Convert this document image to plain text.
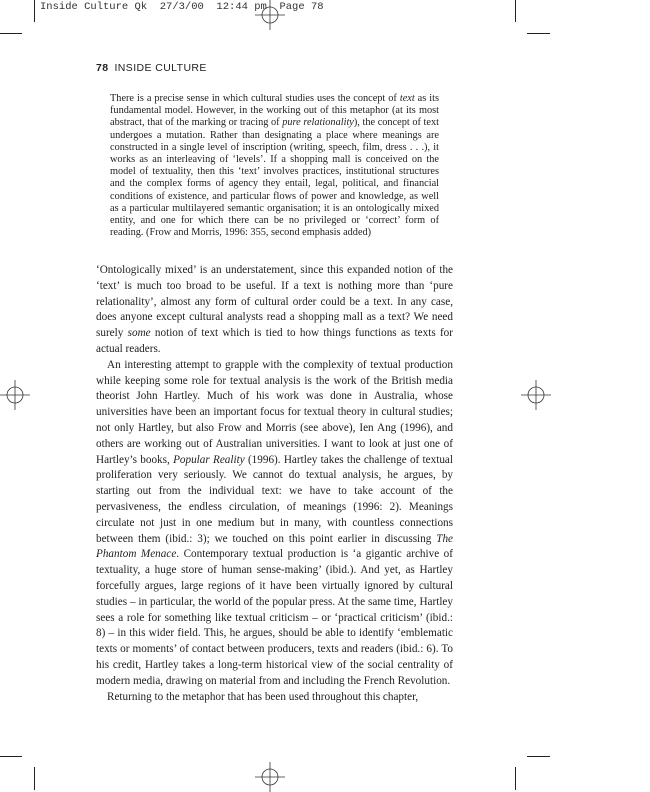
Inside Culture Qk  27/3/00  12:44 pm  Page 78
78 INSIDE CULTURE

There is a precise sense in which cultural studies uses the concept of text as its fundamental model. However, in the working out of this metaphor (at its most abstract, that of the marking or tracing of pure relationality), the concept of text undergoes a mutation. Rather than designating a place where meanings are constructed in a single level of inscription (writing, speech, film, dress . . .), it works as an interleaving of ‘levels’. If a shopping mall is conceived on the model of textuality, then this ‘text’ involves practices, institutional structures and the complex forms of agency they entail, legal, political, and financial conditions of existence, and particular flows of power and knowledge, as well as a particular multilayered semantic organisation; it is an ontologically mixed entity, and one for which there can be no privileged or ‘correct’ form of reading. (Frow and Morris, 1996: 355, second emphasis added)

‘Ontologically mixed’ is an understatement, since this expanded notion of the ‘text’ is much too broad to be useful. If a text is nothing more than ‘pure relationality’, almost any form of cultural order could be a text. In any case, does anyone except cultural analysts read a shopping mall as a text? We need surely some notion of text which is tied to how things functions as texts for actual readers.

An interesting attempt to grapple with the complexity of textual production while keeping some role for textual analysis is the work of the British media theorist John Hartley. Much of his work was done in Australia, whose universities have been an important focus for textual theory in cultural studies; not only Hartley, but also Frow and Morris (see above), Ien Ang (1996), and others are working out of Australian universities. I want to look at just one of Hartley’s books, Popular Reality (1996). Hartley takes the challenge of textual proliferation very seriously. We cannot do textual analysis, he argues, by starting out from the individual text: we have to take account of the pervasiveness, the endless circulation, of meanings (1996: 2). Meanings circulate not just in one medium but in many, with countless connections between them (ibid.: 3); we touched on this point earlier in discussing The Phantom Menace. Contemporary textual production is ‘a gigantic archive of textuality, a huge store of human sense-making’ (ibid.). And yet, as Hartley forcefully argues, large regions of it have been virtually ignored by cultural studies – in particular, the world of the popular press. At the same time, Hartley sees a role for something like textual criticism – or ‘practical criticism’ (ibid.: 8) – in this wider field. This, he argues, should be able to identify ‘emblematic texts or moments’ of contact between producers, texts and readers (ibid.: 6). To his credit, Hartley takes a long-term historical view of the social centrality of modern media, drawing on material from and including the French Revolution.

Returning to the metaphor that has been used throughout this chapter,
